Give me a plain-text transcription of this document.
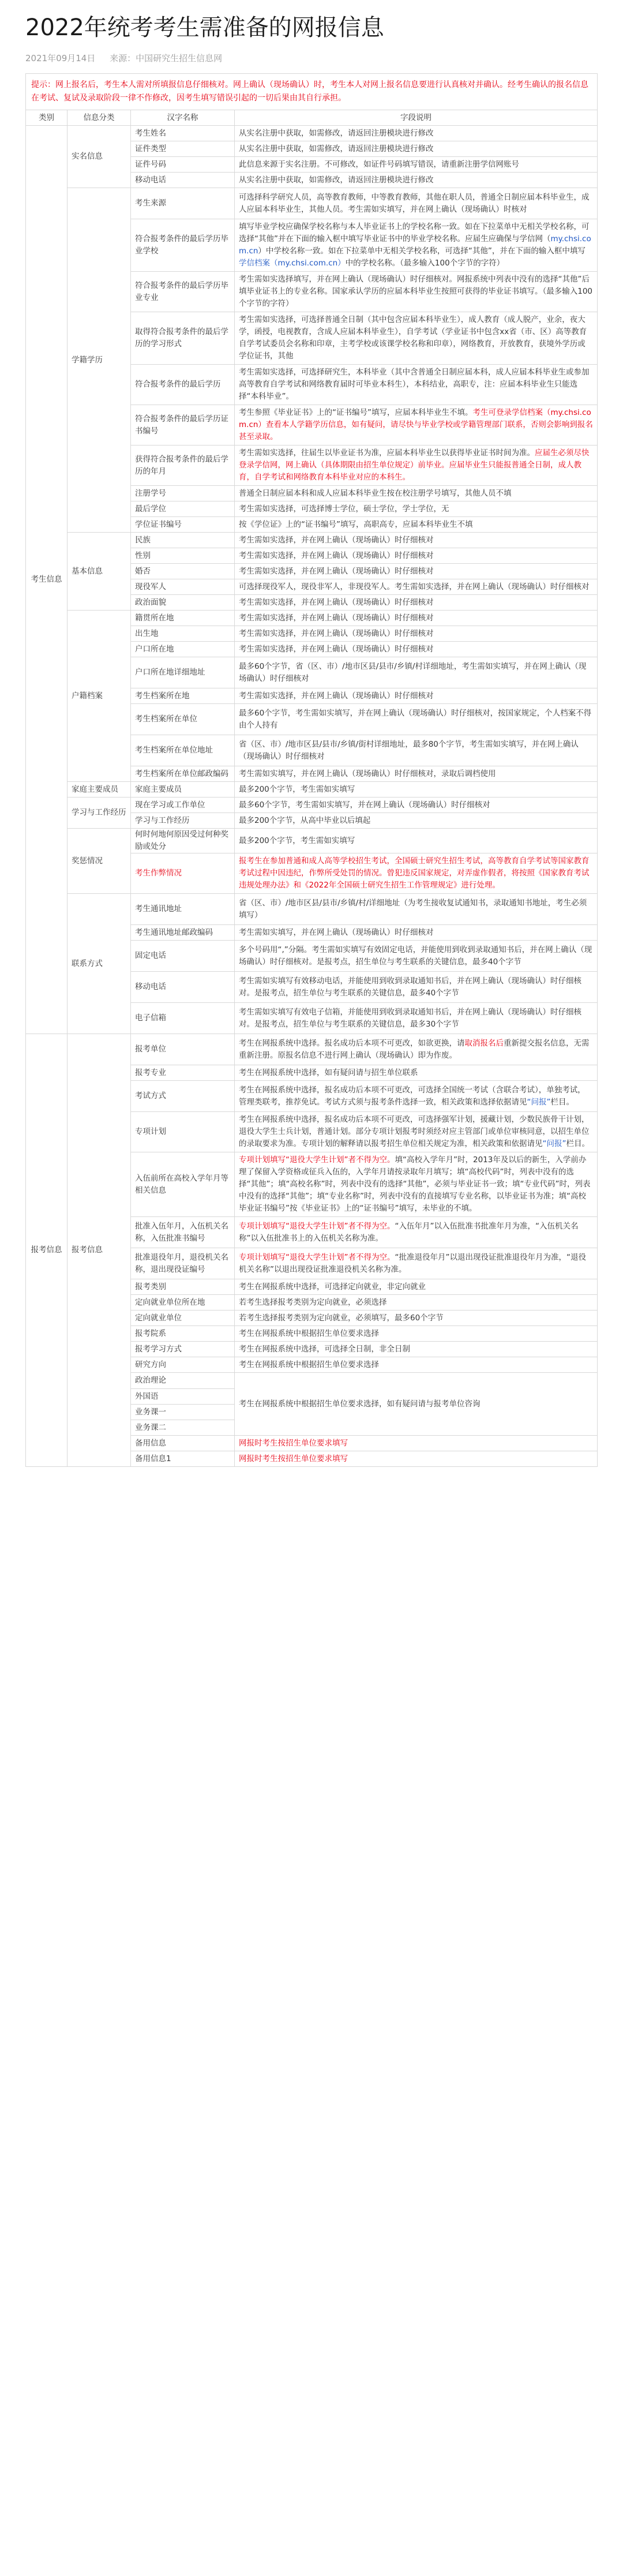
2022年统考考生需准备的网报信息
2021年09月14日 来源：中国研究生招生信息网
提示：网上报名后，考生本人需对所填报信息仔细核对。网上确认（现场确认）时，考生本人对网上报名信息要进行认真核对并确认。经考生确认的报名信息在考试、复试及录取阶段一律不作修改，因考生填写错误引起的一切后果由其自行承担。			
类别	信息分类	汉字名称	字段说明
考生信息	实名信息	考生姓名	从实名注册中获取，如需修改，请返回注册模块进行修改
		证件类型	从实名注册中获取，如需修改，请返回注册模块进行修改
		证件号码	此信息来源于实名注册。不可修改，如证件号码填写错误，请重新注册学信网账号
		移动电话	从实名注册中获取，如需修改，请返回注册模块进行修改
	学籍学历	考生来源	可选择科学研究人员，高等教育教师，中等教育教师，其他在职人员，普通全日制应届本科毕业生，成人应届本科毕业生，其他人员。考生需如实填写，并在网上确认（现场确认）时核对
		符合报考条件的最后学历毕业学校	填写毕业学校应确保学校名称与本人毕业证书上的学校名称一致。如在下拉菜单中无相关学校名称，可选择“其他”并在下面的输入框中填写毕业证书中的毕业学校名称。应届生应确保与学信网（my.chsi.com.cn）中学校名称一致。如在下拉菜单中无相关学校名称，可选择“其他”，并在下面的输入框中填写学信档案（my.chsi.com.cn）中的学校名称。（最多输入100个字节的字符）
		符合报考条件的最后学历毕业专业	考生需如实选择填写，并在网上确认（现场确认）时仔细核对。网报系统中列表中没有的选择“其他”后填毕业证书上的专业名称。国家承认学历的应届本科毕业生按照可获得的毕业证书填写。（最多输入100个字节的字符）
		取得符合报考条件的最后学历的学习形式	考生需如实选择，可选择普通全日制（其中包含应届本科毕业生），成人教育（成人脱产，业余，夜大学，函授，电视教育，含成人应届本科毕业生），自学考试（学业证书中包含xx省（市、区）高等教育自学考试委员会名称和印章，主考学校或该课学校名称和印章），网络教育，开放教育，获境外学历或学位证书，其他
		符合报考条件的最后学历	考生需如实选择，可选择研究生，本科毕业（其中含普通全日制应届本科，成人应届本科毕业生或参加高等教育自学考试和网络教育届时可毕业本科生），本科结业，高职专，注：应届本科毕业生只能选择“本科毕业”。
		符合报考条件的最后学历证书编号	考生参照《毕业证书》上的“证书编号”填写，应届本科毕业生不填。考生可登录学信档案（my.chsi.com.cn）查看本人学籍学历信息，如有疑问，请尽快与毕业学校或学籍管理部门联系，否则会影响到报名甚至录取。
		获得符合报考条件的最后学历的年月	考生需如实选择，往届生以毕业证书为准，应届本科毕业生以获得毕业证书时间为准。应届生必须尽快登录学信网，网上确认（具体期限由招生单位规定）前毕业。应届毕业生只能报普通全日制，成人教育，自学考试和网络教育本科毕业对应的本科生。
		注册学号	普通全日制应届本科和成人应届本科毕业生按在校注册学号填写，其他人员不填
		最后学位	考生需如实选择，可选择博士学位，硕士学位，学士学位，无
		学位证书编号	按《学位证》上的“证书编号”填写，高职高专，应届本科毕业生不填
	基本信息	民族	考生需如实选择，并在网上确认（现场确认）时仔细核对
		性别	考生需如实选择，并在网上确认（现场确认）时仔细核对
		婚否	考生需如实选择，并在网上确认（现场确认）时仔细核对
		现役军人	可选择现役军人，现役非军人，非现役军人。考生需如实选择，并在网上确认（现场确认）时仔细核对
		政治面貌	考生需如实选择，并在网上确认（现场确认）时仔细核对
	户籍档案	籍贯所在地	考生需如实选择，并在网上确认（现场确认）时仔细核对
		出生地	考生需如实选择，并在网上确认（现场确认）时仔细核对
		户口所在地	考生需如实选择，并在网上确认（现场确认）时仔细核对
		户口所在地详细地址	最多60个字节，省（区、市）/地市区县/县市/乡镇/村详细地址，考生需如实填写，并在网上确认（现场确认）时仔细核对
		考生档案所在地	考生需如实选择，并在网上确认（现场确认）时仔细核对
		考生档案所在单位	最多60个字节，考生需如实填写，并在网上确认（现场确认）时仔细核对，按国家规定，个人档案不得由个人持有
		考生档案所在单位地址	省（区、市）/地市区县/县市/乡镇/街村详细地址，最多80个字节，考生需如实填写，并在网上确认（现场确认）时仔细核对
		考生档案所在单位邮政编码	考生需如实填写，并在网上确认（现场确认）时仔细核对，录取后调档使用
	家庭主要成员	家庭主要成员	最多200个字节，考生需如实填写
	学习与工作经历	现在学习或工作单位	最多60个字节，考生需如实填写，并在网上确认（现场确认）时仔细核对
		学习与工作经历	最多200个字节，从高中毕业以后填起
	奖惩情况	何时何地何原因受过何种奖励或处分	最多200个字节，考生需如实填写
		考生作弊情况	报考生在参加普通和成人高等学校招生考试，全国硕士研究生招生考试，高等教育自学考试等国家教育考试过程中因违纪，作弊所受处罚的情况。曾犯违反国家规定，对弄虚作假者，将按照《国家教育考试违规处理办法》和《2022年全国硕士研究生招生工作管理规定》进行处理。
	联系方式	考生通讯地址	省（区、市）/地市区县/县市/乡镇/村/详细地址（为考生接收复试通知书，录取通知书地址，考生必须填写）
		考生通讯地址邮政编码	考生需如实填写，并在网上确认（现场确认）时仔细核对
		固定电话	多个号码用“,”分隔。考生需如实填写有效固定电话，并能使用到收到录取通知书后，并在网上确认（现场确认）时仔细核对。是报考点，招生单位与考生联系的关键信息，最多40个字节
		移动电话	考生需如实填写有效移动电话，并能使用到收到录取通知书后，并在网上确认（现场确认）时仔细核对。是报考点，招生单位与考生联系的关键信息，最多40个字节
		电子信箱	考生需如实填写有效电子信箱，并能使用到收到录取通知书后，并在网上确认（现场确认）时仔细核对。是报考点，招生单位与考生联系的关键信息，最多30个字节
报考信息	报考信息	报考单位	考生在网报系统中选择。报名成功后本项不可更改，如欲更换，请取消报名后重新提交报名信息，无需重新注册。原报名信息不进行网上确认（现场确认）即为作废。
		报考专业	考生在网报系统中选择，如有疑问请与招生单位联系
		考试方式	考生在网报系统中选择，报名成功后本项不可更改，可选择全国统一考试（含联合考试），单独考试，管理类联考，推荐免试。考试方式须与报考条件选择一致，相关政策和选择依据请见“问报”栏目。
		专项计划	考生在网报系统中选择，报名成功后本项不可更改，可选择强军计划，援藏计划，少数民族骨干计划，退役大学生士兵计划，普通计划。部分专项计划报考时须经对应主管部门或单位审核同意，以招生单位的录取要求为准。专项计划的解释请以报考招生单位相关规定为准，相关政策和依据请见“问报”栏目。
		入伍前所在高校入学年月等相关信息	专项计划填写“退役大学生计划”者不得为空。填“高校入学年月”时，2013年及以后的新生，入学前办理了保留入学资格或征兵入伍的，入学年月请按录取年月填写；填“高校代码”时，列表中没有的选择“其他”；填“高校名称”时，列表中没有的选择“其他”，必须与毕业证书一致；填“专业代码”时，列表中没有的选择“其他”；填“专业名称”时，列表中没有的直接填写专业名称，以毕业证书为准；填“高校毕业证书编号”按《毕业证书》上的“证书编号”填写，未毕业的不填。
		批准入伍年月，入伍机关名称，入伍批准书编号	专项计划填写“退役大学生计划”者不得为空。“入伍年月”以入伍批准书批准年月为准，“入伍机关名称”以入伍批准书上的入伍机关名称为准。
		批准退役年月，退役机关名称，退出现役证编号	专项计划填写“退役大学生计划”者不得为空。“批准退役年月”以退出现役证批准退役年月为准，“退役机关名称”以退出现役证批准退役机关名称为准。
		报考类别	考生在网报系统中选择，可选择定向就业，非定向就业
		定向就业单位所在地	若考生选择报考类别为定向就业，必须选择
		定向就业单位	若考生选择报考类别为定向就业，必须填写，最多60个字节
		报考院系	考生在网报系统中根据招生单位要求选择
		报考学习方式	考生在网报系统中选择，可选择全日制，非全日制
		研究方向	考生在网报系统中根据招生单位要求选择
		政治理论	考生在网报系统中根据招生单位要求选择，如有疑问请与报考单位咨询
		外国语	
		业务课一	
		业务课二	
		备用信息	网报时考生按招生单位要求填写
		备用信息1	网报时考生按招生单位要求填写
